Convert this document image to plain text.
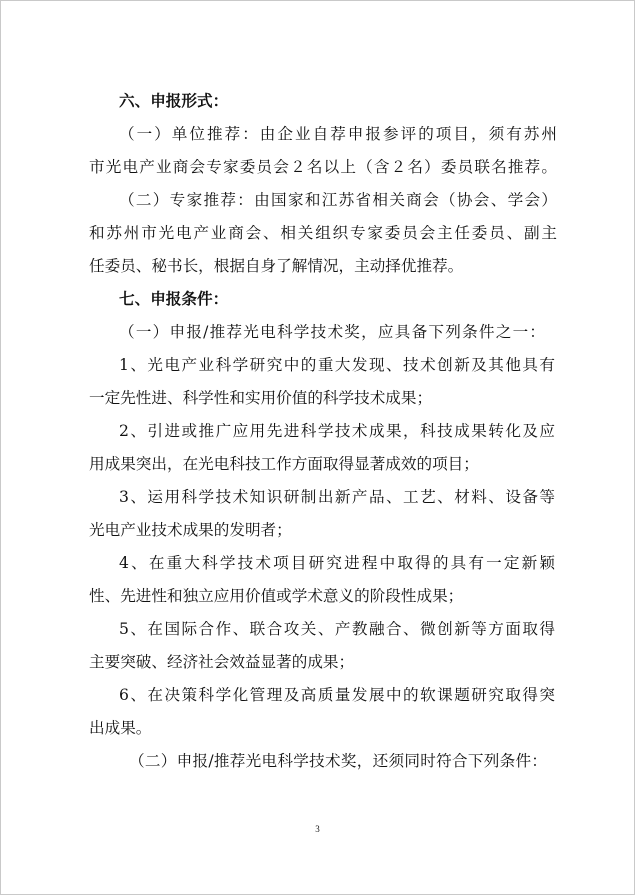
六、申报形式：
（一）单位推荐：由企业自荐申报参评的项目，须有苏州
市光电产业商会专家委员会２名以上（含２名）委员联名推荐。
（二）专家推荐：由国家和江苏省相关商会（协会、学会）
和苏州市光电产业商会、相关组织专家委员会主任委员、副主
任委员、秘书长，根据自身了解情况，主动择优推荐。
七、申报条件：
（一）申报/推荐光电科学技术奖，应具备下列条件之一：
1、光电产业科学研究中的重大发现、技术创新及其他具有
一定先性进、科学性和实用价值的科学技术成果；
2、引进或推广应用先进科学技术成果，科技成果转化及应
用成果突出，在光电科技工作方面取得显著成效的项目；
3、运用科学技术知识研制出新产品、工艺、材料、设备等
光电产业技术成果的发明者；
4、在重大科学技术项目研究进程中取得的具有一定新颖
性、先进性和独立应用价值或学术意义的阶段性成果；
5、在国际合作、联合攻关、产教融合、微创新等方面取得
主要突破、经济社会效益显著的成果；
6、在决策科学化管理及高质量发展中的软课题研究取得突
出成果。
（二）申报/推荐光电科学技术奖，还须同时符合下列条件：
3
